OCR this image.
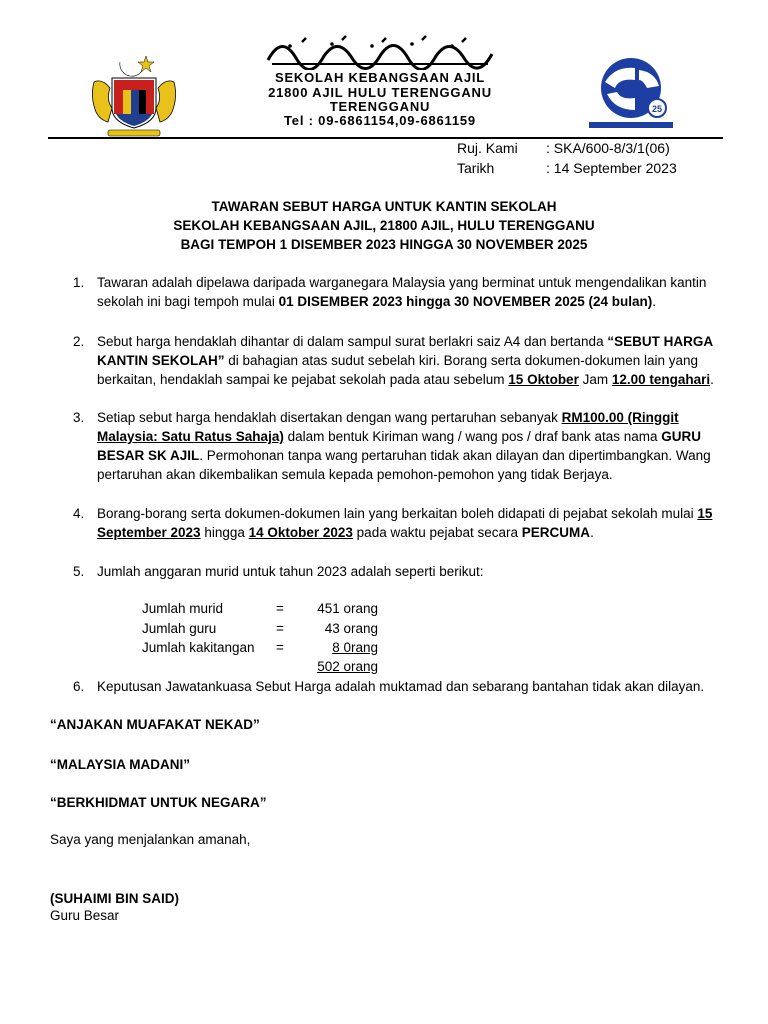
SEKOLAH KEBANGSAAN AJIL
21800 AJIL HULU TERENGGANU
TERENGGANU
Tel : 09-6861154,09-6861159
25
Ruj. Kami : SKA/600-8/3/1(06)
Tarikh	: 14 September 2023
TAWARAN SEBUT HARGA UNTUK KANTIN SEKOLAH
SEKOLAH KEBANGSAAN AJIL, 21800 AJIL, HULU TERENGGANU
BAGI TEMPOH 1 DISEMBER 2023 HINGGA 30 NOVEMBER 2025
1. Tawaran adalah dipelawa daripada warganegara Malaysia yang berminat untuk mengendalikan kantin sekolah ini bagi tempoh mulai 01 DISEMBER 2023 hingga 30 NOVEMBER 2025 (24 bulan).
2. Sebut harga hendaklah dihantar di dalam sampul surat berlakri saiz A4 dan bertanda “SEBUT HARGA KANTIN SEKOLAH” di bahagian atas sudut sebelah kiri. Borang serta dokumen-dokumen lain yang berkaitan, hendaklah sampai ke pejabat sekolah pada atau sebelum 15 Oktober Jam 12.00 tengahari.
3. Setiap sebut harga hendaklah disertakan dengan wang pertaruhan sebanyak RM100.00 (Ringgit Malaysia: Satu Ratus Sahaja) dalam bentuk Kiriman wang / wang pos / draf bank atas nama GURU BESAR SK AJIL. Permohonan tanpa wang pertaruhan tidak akan dilayan dan dipertimbangkan. Wang pertaruhan akan dikembalikan semula kepada pemohon-pemohon yang tidak Berjaya.
4. Borang-borang serta dokumen-dokumen lain yang berkaitan boleh didapati di pejabat sekolah mulai 15 September 2023 hingga 14 Oktober 2023 pada waktu pejabat secara PERCUMA.
5. Jumlah anggaran murid untuk tahun 2023 adalah seperti berikut:
Jumlah murid	=	451 orang
Jumlah guru	=	43 orang
Jumlah kakitangan =	8 0rang
502 orang
6. Keputusan Jawatankuasa Sebut Harga adalah muktamad dan sebarang bantahan tidak akan dilayan.
“ANJAKAN MUAFAKAT NEKAD”
“MALAYSIA MADANI”
“BERKHIDMAT UNTUK NEGARA”
Saya yang menjalankan amanah,
(SUHAIMI BIN SAID)
Guru Besar
